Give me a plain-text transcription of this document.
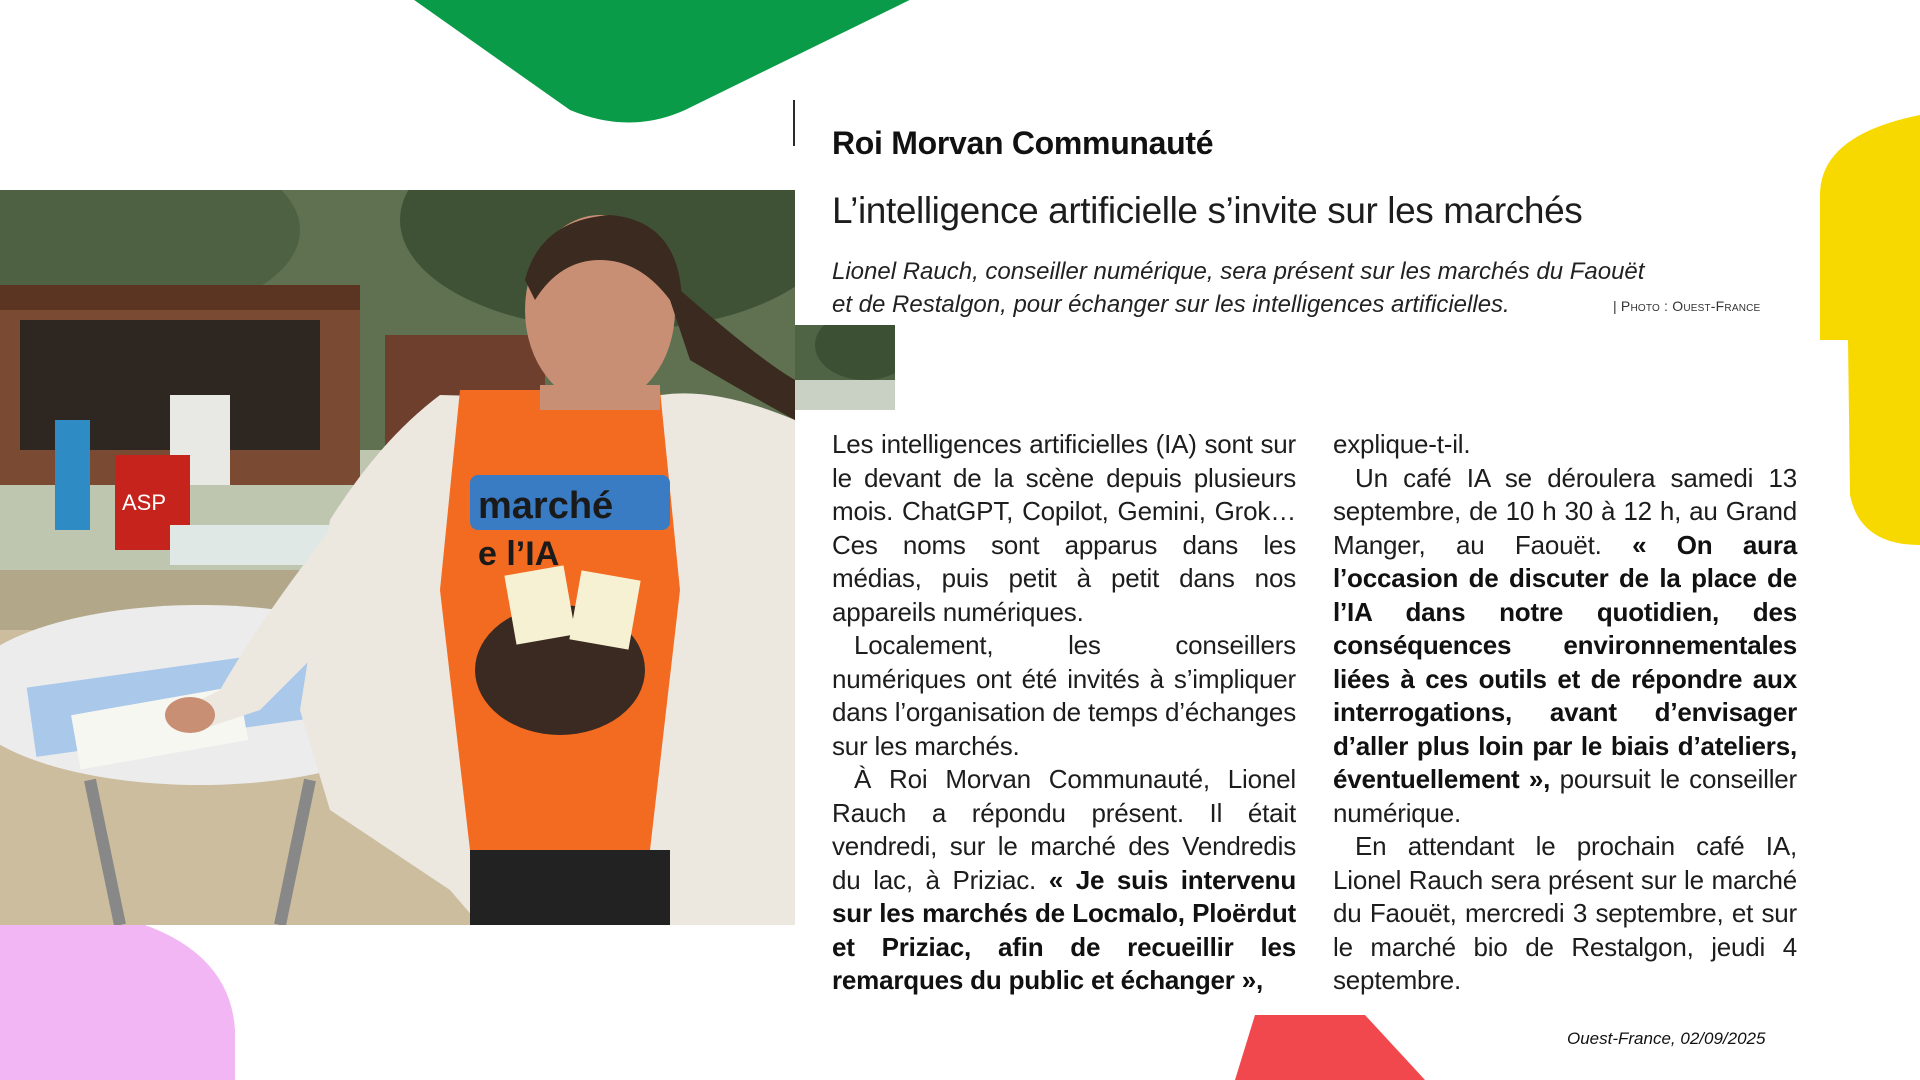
ASP	marché
e l’IA
Roi Morvan Communauté
L’intelligence artificielle s’invite sur les marchés

Lionel Rauch, conseiller numérique, sera présent sur les marchés du Faouët
et de Restalgon, pour échanger sur les intelligences artificielles.	| Photo : Ouest-France

Les intelligences artificielles (IA) sont sur le devant de la scène depuis plusieurs mois. ChatGPT, Copilot, Gemini, Grok… Ces noms sont apparus dans les médias, puis petit à petit dans nos appareils numériques.

Localement, les conseillers numériques ont été invités à s’impliquer dans l’organisation de temps d’échanges sur les marchés.

À Roi Morvan Communauté, Lionel Rauch a répondu présent. Il était vendredi, sur le marché des Vendredis du lac, à Priziac. « Je suis intervenu sur les marchés de Locmalo, Ploërdut et Priziac, afin de recueillir les remarques du public et échanger »,

explique-t-il.

Un café IA se déroulera samedi 13 septembre, de 10 h 30 à 12 h, au Grand Manger, au Faouët. « On aura l’occasion de discuter de la place de l’IA dans notre quotidien, des conséquences environnementales liées à ces outils et de répondre aux interrogations, avant d’envisager d’aller plus loin par le biais d’ateliers, éventuellement », poursuit le conseiller numérique.

En attendant le prochain café IA, Lionel Rauch sera présent sur le marché du Faouët, mercredi 3 septembre, et sur le marché bio de Restalgon, jeudi 4 septembre.

Ouest-France, 02/09/2025
